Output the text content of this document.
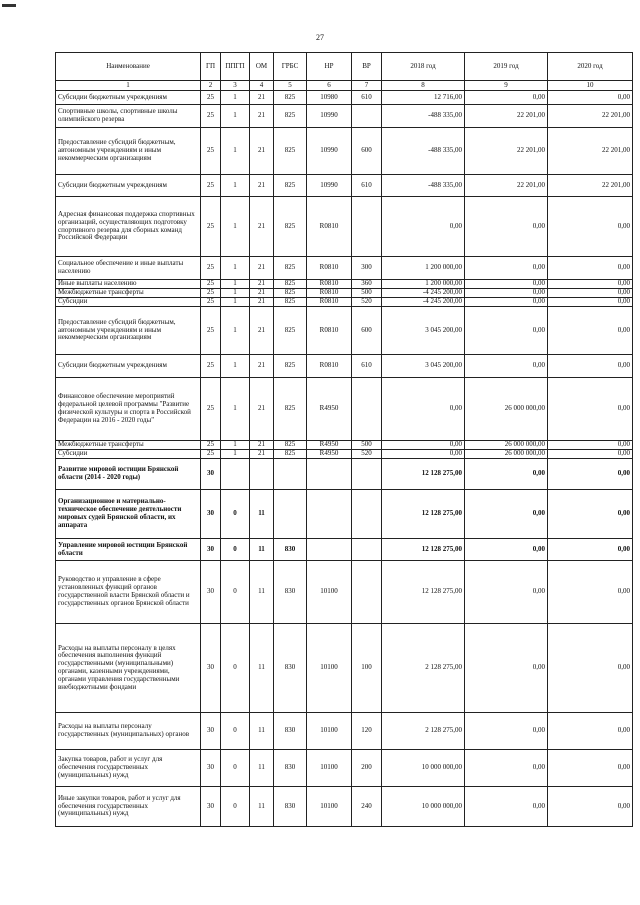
27
Наименование	ГП	ППГП	ОМ	ГРБС	НР	ВР	2018 год	2019 год	2020 год
1	2	3	4	5	6	7	8	9	10
Субсидии бюджетным учреждениям	25	1	21	825	10980	610	12 716,00	0,00	0,00
Спортивные школы, спортивные школы олимпийского резерва	25	1	21	825	10990		-488 335,00	22 201,00	22 201,00
Предоставление субсидий бюджетным, автономным учреждениям и иным некоммерческим организациям	25	1	21	825	10990	600	-488 335,00	22 201,00	22 201,00
Субсидии бюджетным учреждениям	25	1	21	825	10990	610	-488 335,00	22 201,00	22 201,00
Адресная финансовая поддержка спортивных организаций, осуществляющих подготовку спортивного резерва для сборных команд Российской Федерации	25	1	21	825	R0810		0,00	0,00	0,00
Социальное обеспечение и иные выплаты населению	25	1	21	825	R0810	300	1 200 000,00	0,00	0,00
Иные выплаты населению	25	1	21	825	R0810	360	1 200 000,00	0,00	0,00
Межбюджетные трансферты	25	1	21	825	R0810	500	-4 245 200,00	0,00	0,00
Субсидии	25	1	21	825	R0810	520	-4 245 200,00	0,00	0,00
Предоставление субсидий бюджетным, автономным учреждениям и иным некоммерческим организациям	25	1	21	825	R0810	600	3 045 200,00	0,00	0,00
Субсидии бюджетным учреждениям	25	1	21	825	R0810	610	3 045 200,00	0,00	0,00
Финансовое обеспечение мероприятий федеральной целевой программы "Развитие физической культуры и спорта в Российской Федерации на 2016 - 2020 годы"	25	1	21	825	R4950		0,00	26 000 000,00	0,00
Межбюджетные трансферты	25	1	21	825	R4950	500	0,00	26 000 000,00	0,00
Субсидии	25	1	21	825	R4950	520	0,00	26 000 000,00	0,00
Развитие мировой юстиции Брянской области (2014 - 2020 годы)	30						12 128 275,00	0,00	0,00
Организационное и материально-техническое обеспечение деятельности мировых судей Брянской области, их аппарата	30	0	11				12 128 275,00	0,00	0,00
Управление мировой юстиции Брянской области	30	0	11	830			12 128 275,00	0,00	0,00
Руководство и управление в сфере установленных функций органов государственной власти Брянской области и государственных органов Брянской области	30	0	11	830	10100		12 128 275,00	0,00	0,00
Расходы на выплаты персоналу в целях обеспечения выполнения функций государственными (муниципальными) органами, казенными учреждениями, органами управления государственными внебюджетными фондами	30	0	11	830	10100	100	2 128 275,00	0,00	0,00
Расходы на выплаты персоналу государственных (муниципальных) органов	30	0	11	830	10100	120	2 128 275,00	0,00	0,00
Закупка товаров, работ и услуг для обеспечения государственных (муниципальных) нужд	30	0	11	830	10100	200	10 000 000,00	0,00	0,00
Иные закупки товаров, работ и услуг для обеспечения государственных (муниципальных) нужд	30	0	11	830	10100	240	10 000 000,00	0,00	0,00
